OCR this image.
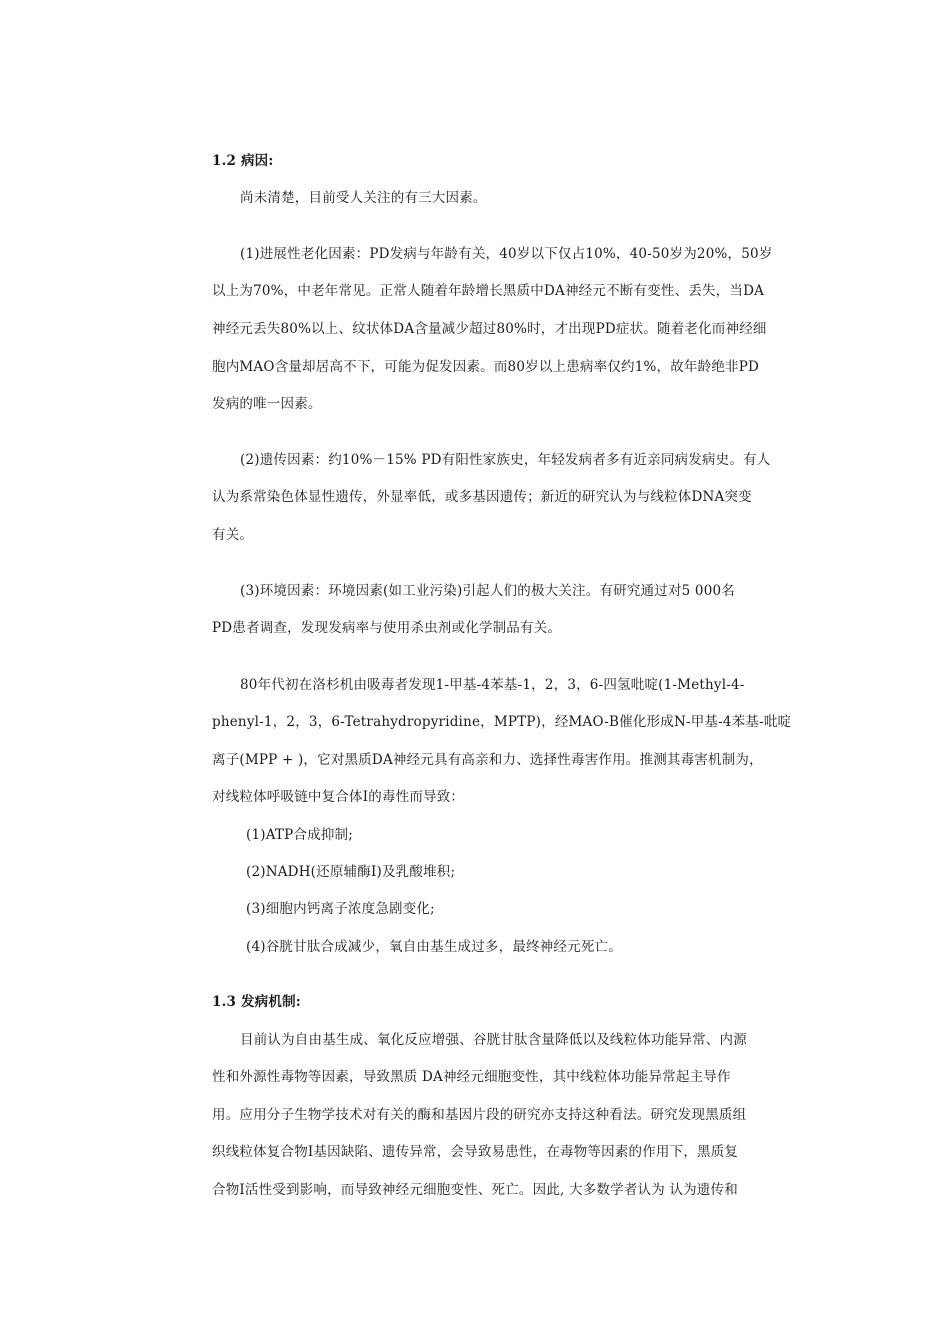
1.2 病因:
尚未清楚，目前受人关注的有三大因素。
(1)进展性老化因素：PD发病与年龄有关，40岁以下仅占10%，40-50岁为20%，50岁
以上为70%，中老年常见。正常人随着年龄增长黑质中DA神经元不断有变性、丢失，当DA
神经元丢失80%以上、纹状体DA含量减少超过80%时，才出现PD症状。随着老化而神经细
胞内MAO含量却居高不下，可能为促发因素。而80岁以上患病率仅约1%，故年龄绝非PD
发病的唯一因素。
(2)遗传因素：约10%－15% PD有阳性家族史，年轻发病者多有近亲同病发病史。有人
认为系常染色体显性遗传，外显率低，或多基因遗传；新近的研究认为与线粒体DNA突变
有关。
(3)环境因素：环境因素(如工业污染)引起人们的极大关注。有研究通过对5 000名
PD患者调查，发现发病率与使用杀虫剂或化学制品有关。
80年代初在洛杉机由吸毒者发现1-甲基-4苯基-1，2，3，6-四氢吡啶(1-Methyl-4-
phenyl-1，2，3，6-Tetrahydropyridine，MPTP)，经MAO-B催化形成N-甲基-4苯基-吡啶
离子(MPP + )，它对黑质DA神经元具有高亲和力、选择性毒害作用。推测其毒害机制为，
对线粒体呼吸链中复合体Ⅰ的毒性而导致：
(1)ATP合成抑制;
(2)NADH(还原辅酶Ⅰ)及乳酸堆积;
(3)细胞内钙离子浓度急剧变化;
(4)谷胱甘肽合成减少，氧自由基生成过多，最终神经元死亡。
1.3 发病机制:
目前认为自由基生成、氧化反应增强、谷胱甘肽含量降低以及线粒体功能异常、内源
性和外源性毒物等因素，导致黑质 DA神经元细胞变性，其中线粒体功能异常起主导作
用。应用分子生物学技术对有关的酶和基因片段的研究亦支持这种看法。研究发现黑质组
织线粒体复合物Ⅰ基因缺陷、遗传异常，会导致易患性，在毒物等因素的作用下，黑质复
合物Ⅰ活性受到影响，而导致神经元细胞变性、死亡。因此, 大多数学者认为 认为遗传和
